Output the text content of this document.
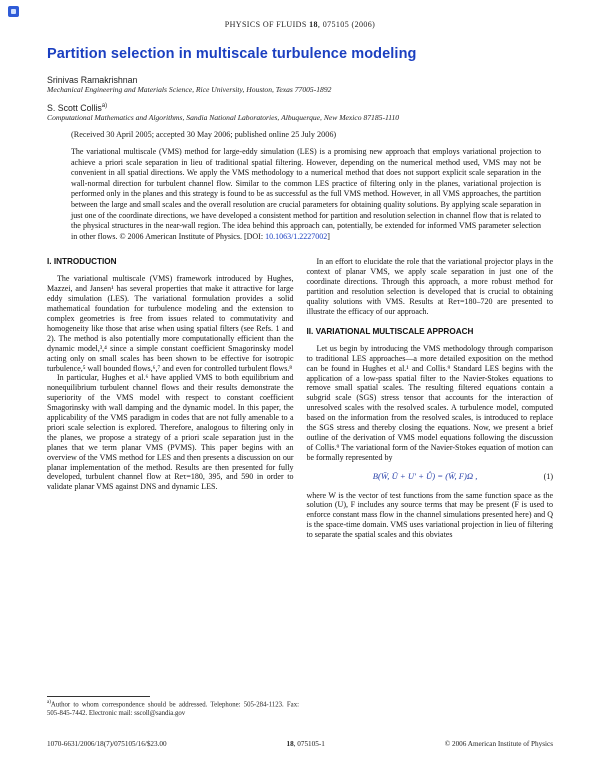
PHYSICS OF FLUIDS 18, 075105 (2006)
Partition selection in multiscale turbulence modeling
Srinivas Ramakrishnan
Mechanical Engineering and Materials Science, Rice University, Houston, Texas 77005-1892
S. Scott Collis$^{a)}$
Computational Mathematics and Algorithms, Sandia National Laboratories, Albuquerque, New Mexico 87185-1110
(Received 30 April 2005; accepted 30 May 2006; published online 25 July 2006)

The variational multiscale (VMS) method for large-eddy simulation (LES) is a promising new approach that employs variational projection to achieve a priori scale separation in lieu of traditional spatial filtering. However, depending on the numerical method used, VMS may not be convenient in all spatial directions. We apply the VMS methodology to a numerical method that does not support explicit scale separation in the wall-normal direction for turbulent channel flow. Similar to the common LES practice of filtering only in the planes, variational projection is performed only in the planes and this strategy is found to be as successful as the full VMS method. However, in all VMS approaches, the partition between the large and small scales and the overall resolution are crucial parameters for obtaining quality solutions. By applying scale separation in just one of the coordinate directions, we have developed a consistent method for partition and resolution selection in channel flow that is related to the physical structures in the near-wall region. The idea behind this approach can, potentially, be extended for informed VMS parameter selection in other flows. © 2006 American Institute of Physics. [DOI: 10.1063/1.2227002]

I. INTRODUCTION

The variational multiscale (VMS) framework introduced by Hughes, Mazzei, and Jansen¹ has several properties that make it attractive for large eddy simulation (LES). The variational formulation provides a solid mathematical foundation for turbulence modeling and the extension to complex geometries is free from issues related to commutativity and homogeneity like those that arise when using spatial filters (see Refs. 1 and 2). The method is also potentially more computationally efficient than the dynamic model,³,⁴ since a simple constant coefficient Smagorinsky model acting only on small scales has been shown to be effective for isotropic turbulence,⁵ wall bounded flows,⁶,⁷ and even for controlled turbulent flows.⁸

In particular, Hughes et al.⁶ have applied VMS to both equilibrium and nonequilibrium turbulent channel flows and their results demonstrate the superiority of the VMS model with respect to constant coefficient Smagorinsky with wall damping and the dynamic model. In this paper, the applicability of the VMS paradigm in codes that are not fully amenable to a priori scale selection is explored. Therefore, analogous to filtering only in the planes, we propose a strategy of a priori scale separation just in the planes that we term planar VMS (PVMS). This paper begins with an overview of the VMS method for LES and then presents a discussion on our planar implementation of the method. Results are then presented for fully developed, turbulent channel flow at Reτ=180, 395, and 590 in order to validate planar VMS against DNS and dynamic LES.

In an effort to elucidate the role that the variational projector plays in the context of planar VMS, we apply scale separation in just one of the coordinate directions. Through this approach, a more robust method for partition and resolution selection is developed that is crucial to obtaining quality solutions with VMS. Results at Reτ=180–720 are presented to illustrate the efficacy of our approach.

II. VARIATIONAL MULTISCALE APPROACH

Let us begin by introducing the VMS methodology through comparison to traditional LES approaches—a more detailed exposition on the method can be found in Hughes et al.¹ and Collis.⁹ Standard LES begins with the application of a low-pass spatial filter to the Navier-Stokes equations to remove small spatial scales. The resulting filtered equations contain a subgrid scale (SGS) stress tensor that accounts for the interaction of unresolved scales with the resolved scales. A turbulence model, computed based on the information from the resolved scales, is introduced to replace the SGS stress and thereby closing the equations. Now, we present a brief outline of the derivation of VMS model equations following the discussion of Collis.⁹ The variational form of the Navier-Stokes equation of motion can be formally represented by

B(W̄, Ū + U′ + Û) = (W̄, F)Ω ,	(1)

where W is the vector of test functions from the same function space as the solution (U), F includes any source terms that may be present (F is used to enforce constant mass flow in the channel simulations presented here) and Q is the space-time domain. VMS uses variational projection in lieu of filtering to separate the spatial scales and this obviates

$^{a)}$Author to whom correspondence should be addressed. Telephone: 505-284-1123. Fax: 505-845-7442. Electronic mail: sscoll@sandia.gov
1070-6631/2006/18(7)/075105/16/$23.00	18, 075105-1	© 2006 American Institute of Physics
